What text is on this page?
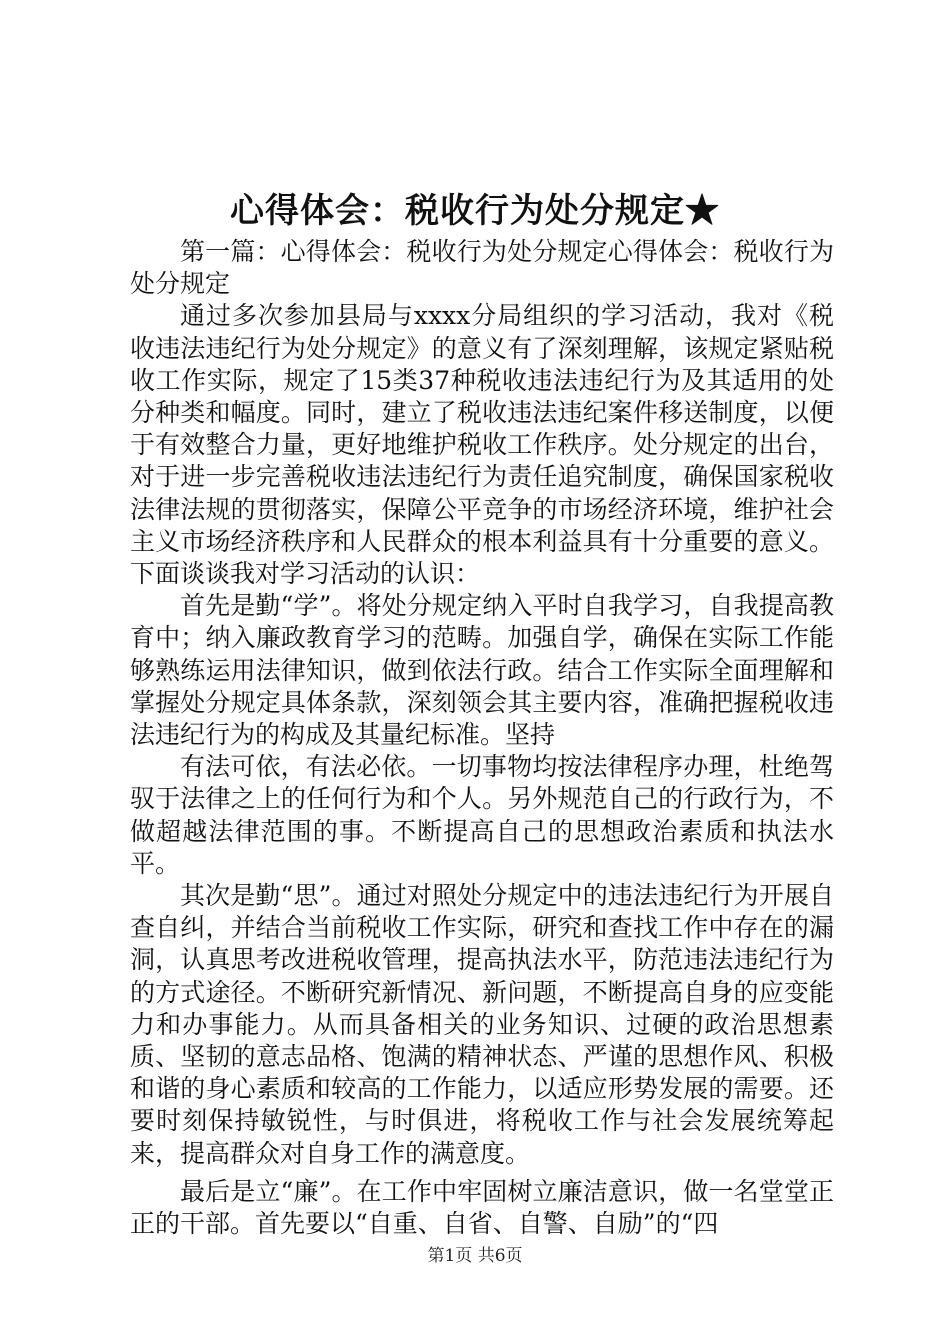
心得体会：税收行为处分规定★

第一篇：心得体会：税收行为处分规定心得体会：税收行为处分规定

通过多次参加县局与xxxx分局组织的学习活动，我对《税收违法违纪行为处分规定》的意义有了深刻理解，该规定紧贴税收工作实际，规定了15类37种税收违法违纪行为及其适用的处分种类和幅度。同时，建立了税收违法违纪案件移送制度，以便于有效整合力量，更好地维护税收工作秩序。处分规定的出台，对于进一步完善税收违法违纪行为责任追究制度，确保国家税收法律法规的贯彻落实，保障公平竞争的市场经济环境，维护社会主义市场经济秩序和人民群众的根本利益具有十分重要的意义。下面谈谈我对学习活动的认识：

首先是勤“学”。将处分规定纳入平时自我学习，自我提高教育中；纳入廉政教育学习的范畴。加强自学，确保在实际工作能够熟练运用法律知识，做到依法行政。结合工作实际全面理解和掌握处分规定具体条款，深刻领会其主要内容，准确把握税收违法违纪行为的构成及其量纪标准。坚持

有法可依，有法必依。一切事物均按法律程序办理，杜绝驾驭于法律之上的任何行为和个人。另外规范自己的行政行为，不做超越法律范围的事。不断提高自己的思想政治素质和执法水平。

其次是勤“思”。通过对照处分规定中的违法违纪行为开展自查自纠，并结合当前税收工作实际，研究和查找工作中存在的漏洞，认真思考改进税收管理，提高执法水平，防范违法违纪行为的方式途径。不断研究新情况、新问题，不断提高自身的应变能力和办事能力。从而具备相关的业务知识、过硬的政治思想素质、坚韧的意志品格、饱满的精神状态、严谨的思想作风、积极和谐的身心素质和较高的工作能力，以适应形势发展的需要。还要时刻保持敏锐性，与时俱进，将税收工作与社会发展统筹起来，提高群众对自身工作的满意度。

最后是立“廉”。在工作中牢固树立廉洁意识，做一名堂堂正正的干部。首先要以“自重、自省、自警、自励”的“四

第1页 共6页
